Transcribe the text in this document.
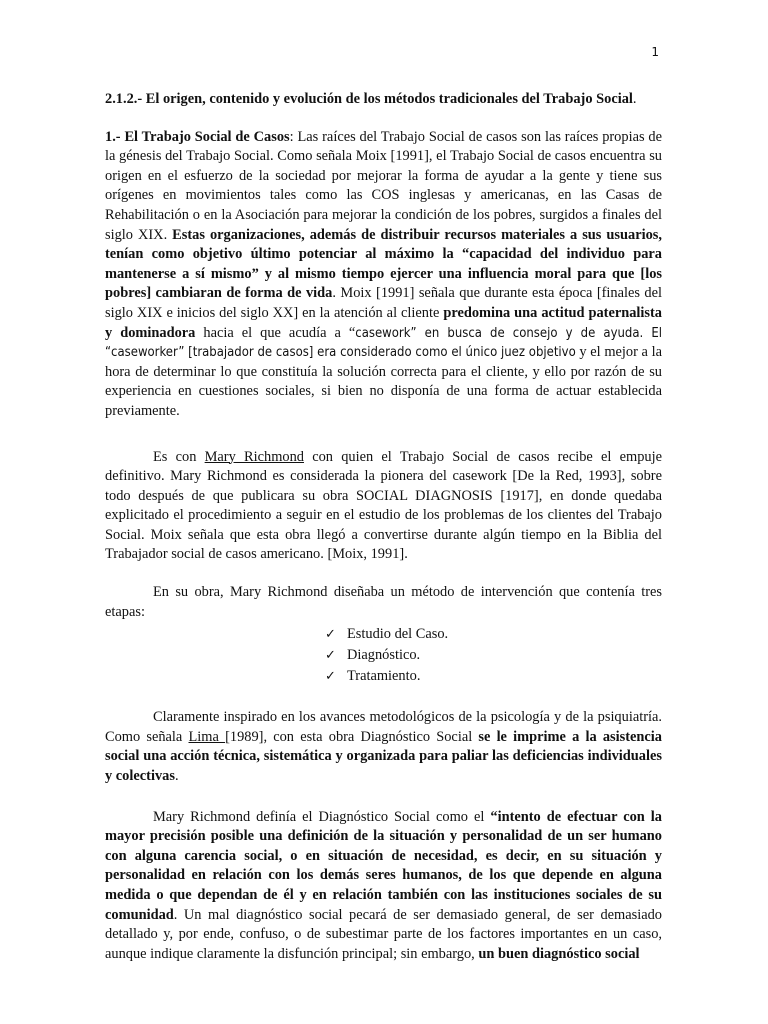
1

2.1.2.- El origen, contenido y evolución de los métodos tradicionales del Trabajo Social.

1.- El Trabajo Social de Casos: Las raíces del Trabajo Social de casos son las raíces propias de la génesis del Trabajo Social. Como señala Moix [1991], el Trabajo Social de casos encuentra su origen en el esfuerzo de la sociedad por mejorar la forma de ayudar a la gente y tiene sus orígenes en movimientos tales como las COS inglesas y americanas, en las Casas de Rehabilitación o en la Asociación para mejorar la condición de los pobres, surgidos a finales del siglo XIX. Estas organizaciones, además de distribuir recursos materiales a sus usuarios, tenían como objetivo último potenciar al máximo la “capacidad del individuo para mantenerse a sí mismo” y al mismo tiempo ejercer una influencia moral para que [los pobres] cambiaran de forma de vida. Moix [1991] señala que durante esta época [finales del siglo XIX e inicios del siglo XX] en la atención al cliente predomina una actitud paternalista y dominadora hacia el que acudía a “casework” en busca de consejo y de ayuda. El “caseworker” [trabajador de casos] era considerado como el único juez objetivo y el mejor a la hora de determinar lo que constituía la solución correcta para el cliente, y ello por razón de su experiencia en cuestiones sociales, si bien no disponía de una forma de actuar establecida previamente.

Es con Mary Richmond con quien el Trabajo Social de casos recibe el empuje definitivo. Mary Richmond es considerada la pionera del casework [De la Red, 1993], sobre todo después de que publicara su obra SOCIAL DIAGNOSIS [1917], en donde quedaba explicitado el procedimiento a seguir en el estudio de los problemas de los clientes del Trabajo Social. Moix señala que esta obra llegó a convertirse durante algún tiempo en la Biblia del Trabajador social de casos americano. [Moix, 1991].

En su obra, Mary Richmond diseñaba un método de intervención que contenía tres etapas:

✓ Estudio del Caso.
✓ Diagnóstico.
✓ Tratamiento.

Claramente inspirado en los avances metodológicos de la psicología y de la psiquiatría. Como señala Lima [1989], con esta obra Diagnóstico Social se le imprime a la asistencia social una acción técnica, sistemática y organizada para paliar las deficiencias individuales y colectivas.

Mary Richmond definía el Diagnóstico Social como el “intento de efectuar con la mayor precisión posible una definición de la situación y personalidad de un ser humano con alguna carencia social, o en situación de necesidad, es decir, en su situación y personalidad en relación con los demás seres humanos, de los que depende en alguna medida o que dependan de él y en relación también con las instituciones sociales de su comunidad. Un mal diagnóstico social pecará de ser demasiado general, de ser demasiado detallado y, por ende, confuso, o de subestimar parte de los factores importantes en un caso, aunque indique claramente la disfunción principal; sin embargo, un buen diagnóstico social
